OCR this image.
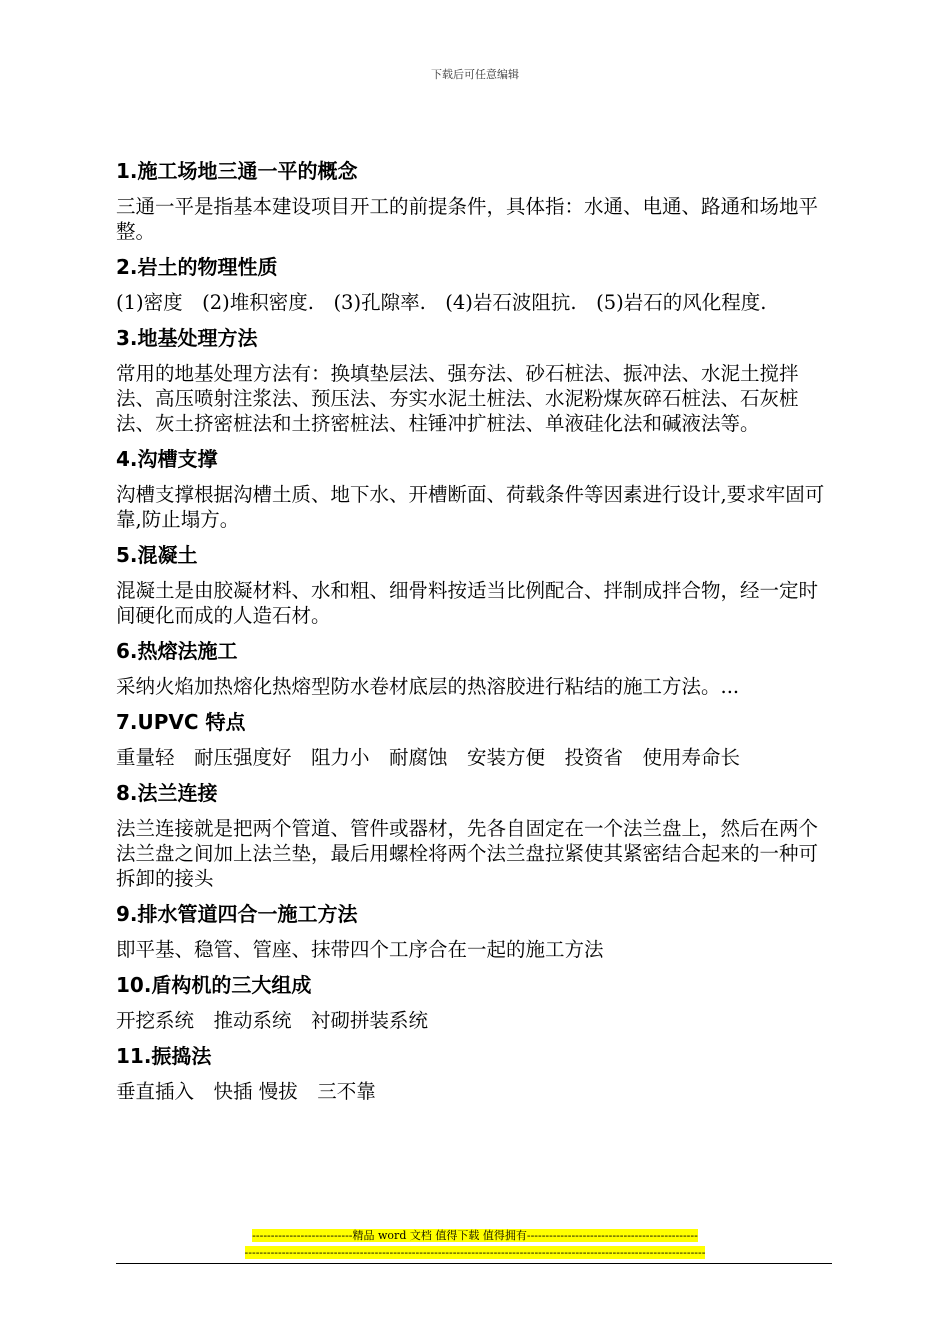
下载后可任意编辑
1.施工场地三通一平的概念

三通一平是指基本建设项目开工的前提条件，具体指：水通、电通、路通和场地平整。

2.岩土的物理性质

(1)密度　(2)堆积密度.　(3)孔隙率.　(4)岩石波阻抗.　(5)岩石的风化程度.

3.地基处理方法

常用的地基处理方法有：换填垫层法、强夯法、砂石桩法、振冲法、水泥土搅拌法、高压喷射注浆法、预压法、夯实水泥土桩法、水泥粉煤灰碎石桩法、石灰桩法、灰土挤密桩法和土挤密桩法、柱锤冲扩桩法、单液硅化法和碱液法等。

4.沟槽支撑

沟槽支撑根据沟槽土质、地下水、开槽断面、荷载条件等因素进行设计,要求牢固可靠,防止塌方。

5.混凝土

混凝土是由胶凝材料、水和粗、细骨料按适当比例配合、拌制成拌合物，经一定时间硬化而成的人造石材。

6.热熔法施工

采纳火焰加热熔化热熔型防水卷材底层的热溶胶进行粘结的施工方法。...

7.UPVC 特点

重量轻　耐压强度好　阻力小　耐腐蚀　安装方便　投资省　使用寿命长

8.法兰连接

法兰连接就是把两个管道、管件或器材，先各自固定在一个法兰盘上，然后在两个法兰盘之间加上法兰垫，最后用螺栓将两个法兰盘拉紧使其紧密结合起来的一种可拆卸的接头

9.排水管道四合一施工方法

即平基、稳管、管座、抹带四个工序合在一起的施工方法

10.盾构机的三大组成

开挖系统　推动系统　衬砌拼装系统

11.振捣法

垂直插入　快插 慢拔　三不靠

---------------------------精品 word 文档 值得下载 值得拥有----------------------------------------------
----------------------------------------------------------------------------------------------------------------------------
